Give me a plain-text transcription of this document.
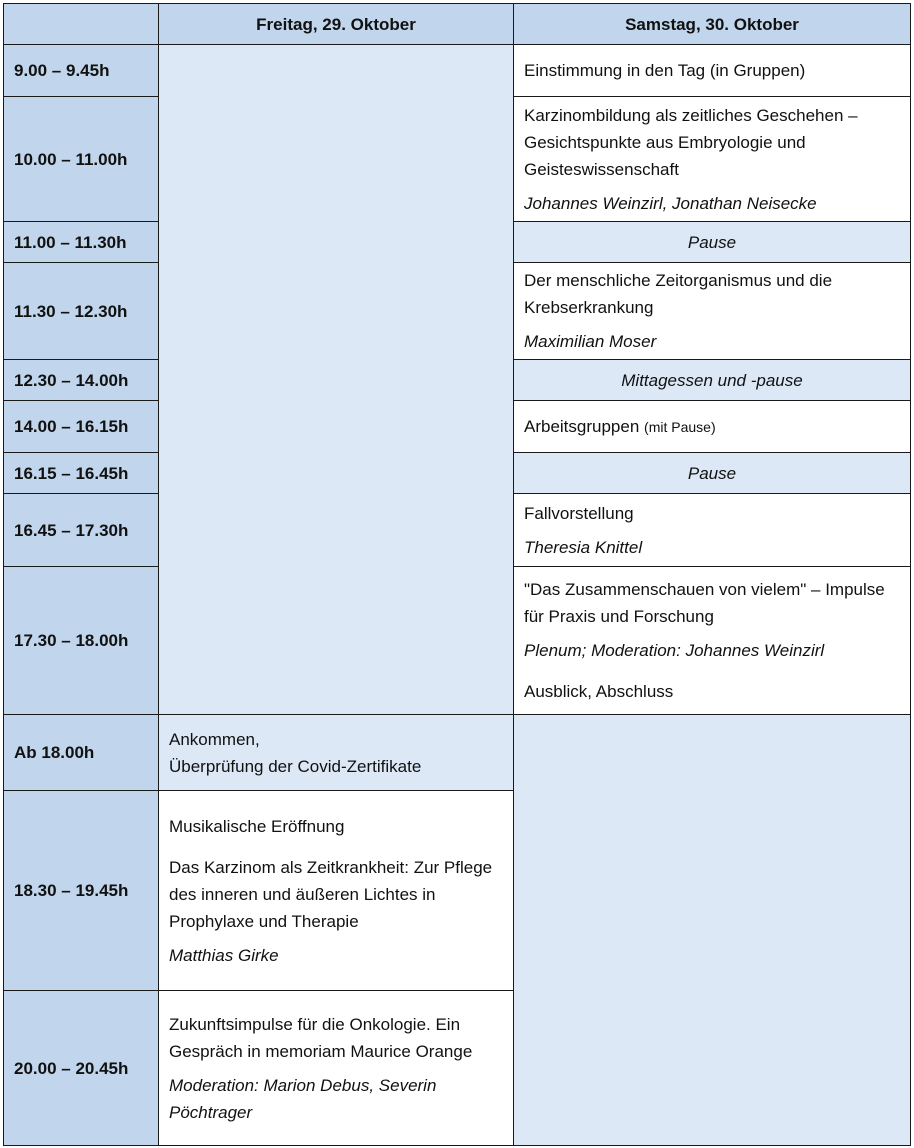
	Freitag, 29. Oktober	Samstag, 30. Oktober
9.00 – 9.45h		Einstimmung in den Tag (in Gruppen)
10.00 – 11.00h		Karzinombildung als zeitliches Geschehen – Gesichtspunkte aus Embryologie und Geisteswissenschaft
Johannes Weinzirl, Jonathan Neisecke

11.00 – 11.30h		Pause
11.30 – 12.30h		Der menschliche Zeitorganismus und die Krebserkrankung
Maximilian Moser

12.30 – 14.00h		Mittagessen und -pause
14.00 – 16.15h		Arbeitsgruppen (mit Pause)
16.15 – 16.45h		Pause
16.45 – 17.30h		Fallvorstellung
Theresia Knittel

17.30 – 18.00h		"Das Zusammenschauen von vielem" – Impulse für Praxis und Forschung
Plenum; Moderation: Johannes Weinzirl
Ausblick, Abschluss

Ab 18.00h	Ankommen,
Überprüfung der Covid-Zertifikate	

18.30 – 19.45h	Musikalische Eröffnung
Das Karzinom als Zeitkrankheit: Zur Pflege des inneren und äußeren Lichtes in Prophylaxe und Therapie
Matthias Girke	

20.00 – 20.45h	Zukunftsimpulse für die Onkologie. Ein Gespräch in memoriam Maurice Orange
Moderation: Marion Debus, Severin Pöchtrager	
